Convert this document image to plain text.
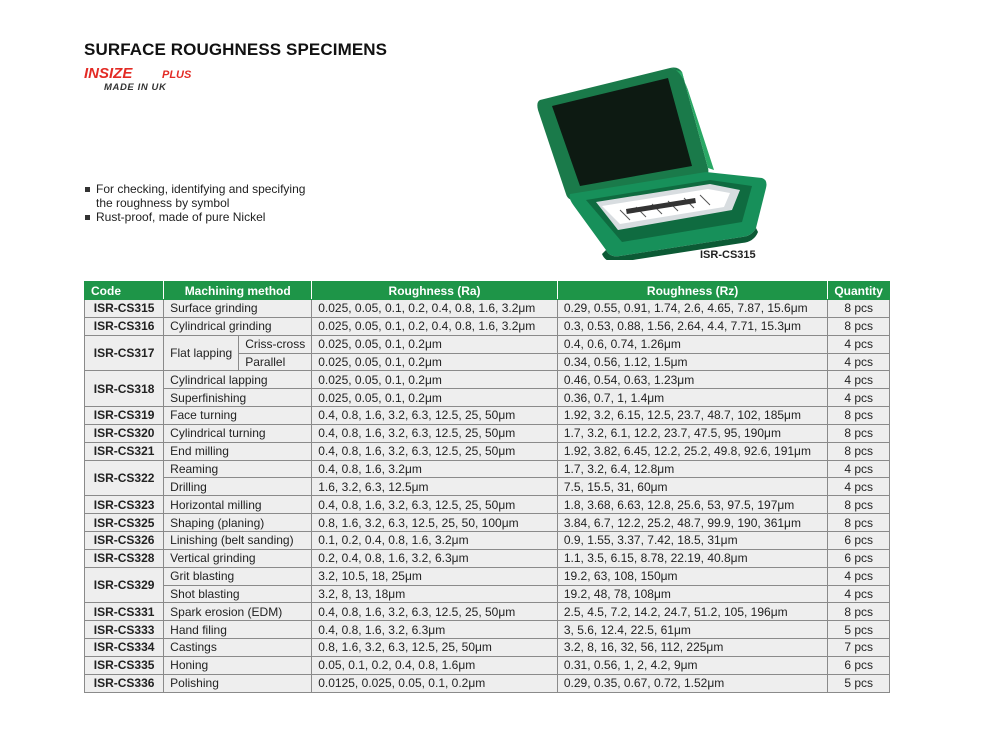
SURFACE ROUGHNESS SPECIMENS
INSIZE	PLUS
MADE IN UK
For checking, identifying and specifying
the roughness by symbol
Rust-proof, made of pure Nickel
ISR-CS315
Code	Machining method		Roughness (Ra)	Roughness (Rz)	Quantity
ISR-CS315	Surface grinding		0.025, 0.05, 0.1, 0.2, 0.4, 0.8, 1.6, 3.2μm	0.29, 0.55, 0.91, 1.74, 2.6, 4.65, 7.87, 15.6μm	8 pcs
ISR-CS316	Cylindrical grinding		0.025, 0.05, 0.1, 0.2, 0.4, 0.8, 1.6, 3.2μm	0.3, 0.53, 0.88, 1.56, 2.64, 4.4, 7.71, 15.3μm	8 pcs
ISR-CS317	Flat lapping	Criss-cross	0.025, 0.05, 0.1, 0.2μm	0.4, 0.6, 0.74, 1.26μm	4 pcs
		Parallel	0.025, 0.05, 0.1, 0.2μm	0.34, 0.56, 1.12, 1.5μm	4 pcs
ISR-CS318	Cylindrical lapping		0.025, 0.05, 0.1, 0.2μm	0.46, 0.54, 0.63, 1.23μm	4 pcs
	Superfinishing		0.025, 0.05, 0.1, 0.2μm	0.36, 0.7, 1, 1.4μm	4 pcs
ISR-CS319	Face turning		0.4, 0.8, 1.6, 3.2, 6.3, 12.5, 25, 50μm	1.92, 3.2, 6.15, 12.5, 23.7, 48.7, 102, 185μm	8 pcs
ISR-CS320	Cylindrical turning		0.4, 0.8, 1.6, 3.2, 6.3, 12.5, 25, 50μm	1.7, 3.2, 6.1, 12.2, 23.7, 47.5, 95, 190μm	8 pcs
ISR-CS321	End milling		0.4, 0.8, 1.6, 3.2, 6.3, 12.5, 25, 50μm	1.92, 3.82, 6.45, 12.2, 25.2, 49.8, 92.6, 191μm	8 pcs
ISR-CS322	Reaming		0.4, 0.8, 1.6, 3.2μm	1.7, 3.2, 6.4, 12.8μm	4 pcs
	Drilling		1.6, 3.2, 6.3, 12.5μm	7.5, 15.5, 31, 60μm	4 pcs
ISR-CS323	Horizontal milling		0.4, 0.8, 1.6, 3.2, 6.3, 12.5, 25, 50μm	1.8, 3.68, 6.63, 12.8, 25.6, 53, 97.5, 197μm	8 pcs
ISR-CS325	Shaping (planing)		0.8, 1.6, 3.2, 6.3, 12.5, 25, 50, 100μm	3.84, 6.7, 12.2, 25.2, 48.7, 99.9, 190, 361μm	8 pcs
ISR-CS326	Linishing (belt sanding)		0.1, 0.2, 0.4, 0.8, 1.6, 3.2μm	0.9, 1.55, 3.37, 7.42, 18.5, 31μm	6 pcs
ISR-CS328	Vertical grinding		0.2, 0.4, 0.8, 1.6, 3.2, 6.3μm	1.1, 3.5, 6.15, 8.78, 22.19, 40.8μm	6 pcs
ISR-CS329	Grit blasting		3.2, 10.5, 18, 25μm	19.2, 63, 108, 150μm	4 pcs
	Shot blasting		3.2, 8, 13, 18μm	19.2, 48, 78, 108μm	4 pcs
ISR-CS331	Spark erosion (EDM)		0.4, 0.8, 1.6, 3.2, 6.3, 12.5, 25, 50μm	2.5, 4.5, 7.2, 14.2, 24.7, 51.2, 105, 196μm	8 pcs
ISR-CS333	Hand filing		0.4, 0.8, 1.6, 3.2, 6.3μm	3, 5.6, 12.4, 22.5, 61μm	5 pcs
ISR-CS334	Castings		0.8, 1.6, 3.2, 6.3, 12.5, 25, 50μm	3.2, 8, 16, 32, 56, 112, 225μm	7 pcs
ISR-CS335	Honing		0.05, 0.1, 0.2, 0.4, 0.8, 1.6μm	0.31, 0.56, 1, 2, 4.2, 9μm	6 pcs
ISR-CS336	Polishing		0.0125, 0.025, 0.05, 0.1, 0.2μm	0.29, 0.35, 0.67, 0.72, 1.52μm	5 pcs
